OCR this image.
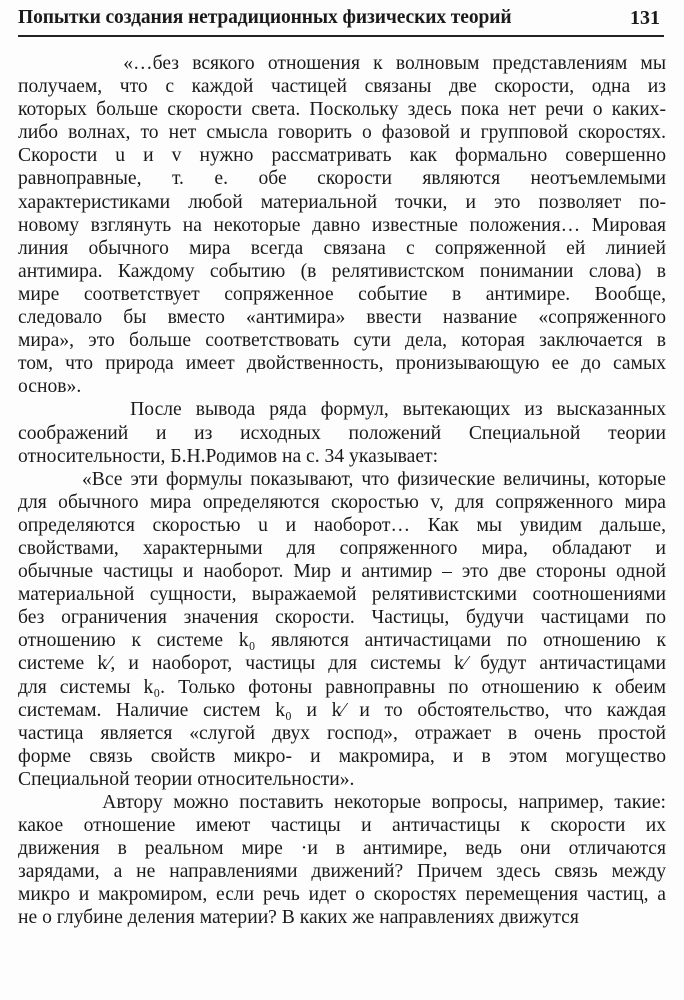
Попытки создания нетрадиционных физических теорий	131
«…без всякого отношения к волновым представлениям мы
получаем, что с каждой частицей связаны две скорости, одна из
которых больше скорости света. Поскольку здесь пока нет речи о каких-
либо волнах, то нет смысла говорить о фазовой и групповой скоростях.
Скорости u и v нужно рассматривать как формально совершенно
равноправные, т. е. обе скорости являются неотъемлемыми
характеристиками любой материальной точки, и это позволяет по-
новому взглянуть на некоторые давно известные положения… Мировая
линия обычного мира всегда связана с сопряженной ей линией
антимира. Каждому событию (в релятивистском понимании слова) в
мире соответствует сопряженное событие в антимире. Вообще,
следовало бы вместо «антимира» ввести название «сопряженного
мира», это больше соответствовать сути дела, которая заключается в
том, что природа имеет двойственность, пронизывающую ее до самых
основ».
После вывода ряда формул, вытекающих из высказанных
соображений и из исходных положений Специальной теории
относительности, Б.Н.Родимов на с. 34 указывает:
«Все эти формулы показывают, что физические величины, которые
для обычного мира определяются скоростью v, для сопряженного мира
определяются скоростью u и наоборот… Как мы увидим дальше,
свойствами, характерными для сопряженного мира, обладают и
обычные частицы и наоборот. Мир и антимир – это две стороны одной
материальной сущности, выражаемой релятивистскими соотношениями
без ограничения значения скорости. Частицы, будучи частицами по
отношению к системе k₀ являются античастицами по отношению к
системе k⁄, и наоборот, частицы для системы k⁄ будут античастицами
для системы k₀. Только фотоны равноправны по отношению к обеим
системам. Наличие систем k₀ и k⁄ и то обстоятельство, что каждая
частица является «слугой двух господ», отражает в очень простой
форме связь свойств микро- и макромира, и в этом могущество
Специальной теории относительности».
Автору можно поставить некоторые вопросы, например, такие:
какое отношение имеют частицы и античастицы к скорости их
движения в реальном мире ·и в антимире, ведь они отличаются
зарядами, а не направлениями движений? Причем здесь связь между
микро и макромиром, если речь идет о скоростях перемещения частиц, а
не о глубине деления материи? В каких же направлениях движутся
